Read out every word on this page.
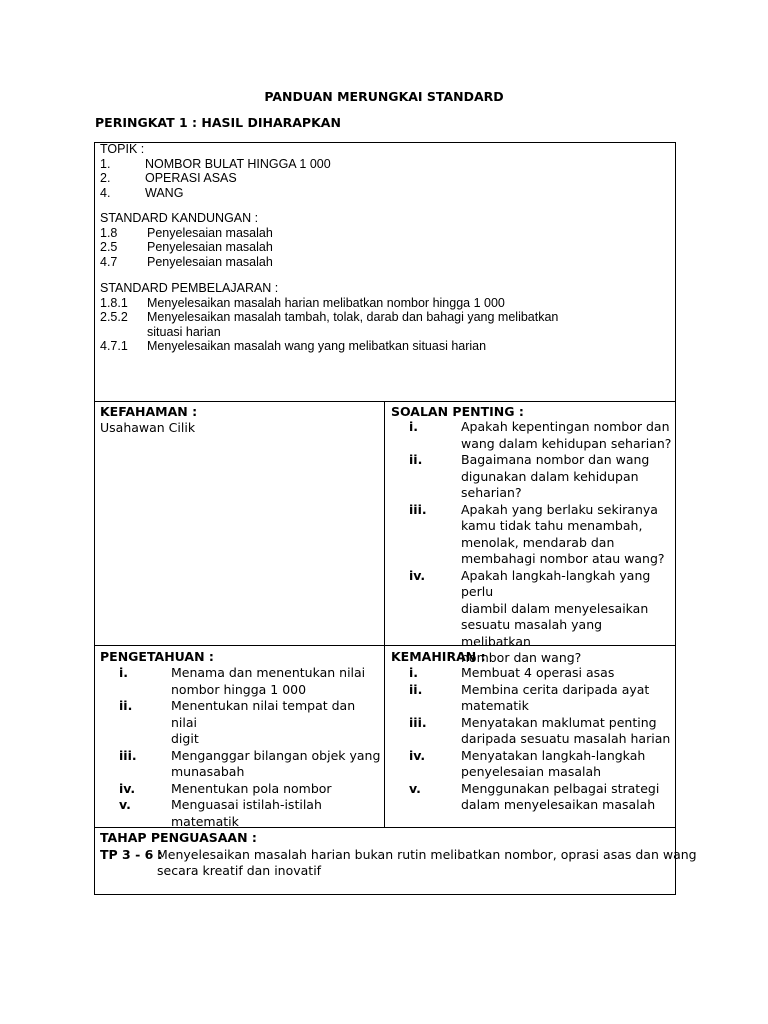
PANDUAN MERUNGKAI STANDARD
PERINGKAT 1 : HASIL DIHARAPKAN
TOPIK :
1.	NOMBOR BULAT HINGGA 1 000
2.	OPERASI ASAS
4.	WANG
STANDARD KANDUNGAN :
1.8 Penyelesaian masalah
2.5 Penyelesaian masalah
4.7 Penyelesaian masalah
STANDARD PEMBELAJARAN :
1.8.1 Menyelesaikan masalah harian melibatkan nombor hingga 1 000
2.5.2 Menyelesaikan masalah tambah, tolak, darab dan bahagi yang melibatkan
situasi harian
4.7.1 Menyelesaikan masalah wang yang melibatkan situasi harian
KEFAHAMAN :
Usahawan Cilik
SOALAN PENTING :
i.	Apakah kepentingan nombor dan
wang dalam kehidupan seharian?
ii.	Bagaimana nombor dan wang
digunakan dalam kehidupan
seharian?
iii.	Apakah yang berlaku sekiranya
kamu tidak tahu menambah,
menolak, mendarab dan
membahagi nombor atau wang?
iv.	Apakah langkah-langkah yang perlu
diambil dalam menyelesaikan
sesuatu masalah yang melibatkan
nombor dan wang?
PENGETAHUAN :
i.	Menama dan menentukan nilai
nombor hingga 1 000
ii.	Menentukan nilai tempat dan nilai
digit
iii.	Menganggar bilangan objek yang
munasabah
iv.	Menentukan pola nombor
v.	Menguasai istilah-istilah matematik
KEMAHIRAN :
i.	Membuat 4 operasi asas
ii.	Membina cerita daripada ayat
matematik
iii.	Menyatakan maklumat penting
daripada sesuatu masalah harian
iv.	Menyatakan langkah-langkah
penyelesaian masalah
v.	Menggunakan pelbagai strategi
dalam menyelesaikan masalah
TAHAP PENGUASAAN :
TP 3 - 6 :Menyelesaikan masalah harian bukan rutin melibatkan nombor, oprasi asas dan wang
secara kreatif dan inovatif
